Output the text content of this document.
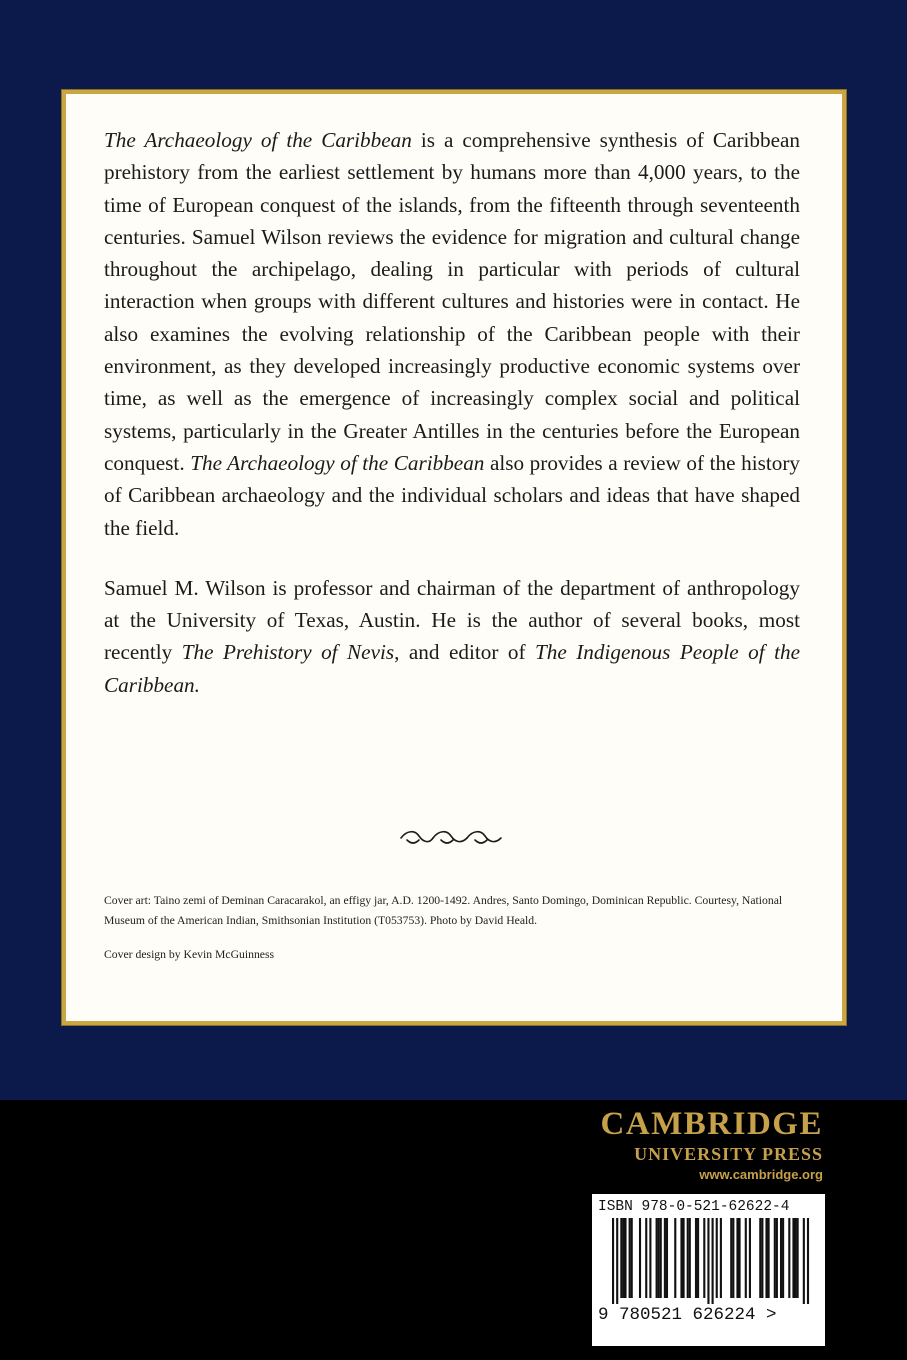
The Archaeology of the Caribbean is a comprehensive synthesis of Caribbean prehistory from the earliest settlement by humans more than 4,000 years, to the time of European conquest of the islands, from the fifteenth through seventeenth centuries. Samuel Wilson reviews the evidence for migration and cultural change throughout the archipelago, dealing in particular with periods of cultural interaction when groups with different cultures and histories were in contact. He also examines the evolving relationship of the Caribbean people with their environment, as they developed increasingly productive economic systems over time, as well as the emergence of increasingly complex social and political systems, particularly in the Greater Antilles in the centuries before the European conquest. The Archaeology of the Caribbean also provides a review of the history of Caribbean archaeology and the individual scholars and ideas that have shaped the field.

Samuel M. Wilson is professor and chairman of the department of anthropology at the University of Texas, Austin. He is the author of several books, most recently The Prehistory of Nevis, and editor of The Indigenous People of the Caribbean.

Cover art: Taino zemi of Deminan Caracarakol, an effigy jar, A.D. 1200-1492. Andres, Santo Domingo, Dominican Republic. Courtesy, National Museum of the American Indian, Smithsonian Institution (T053753). Photo by David Heald.

Cover design by Kevin McGuinness

CAMBRIDGE
UNIVERSITY PRESS
www.cambridge.org
ISBN 978-0-521-62622-4
9 780521 626224 >
